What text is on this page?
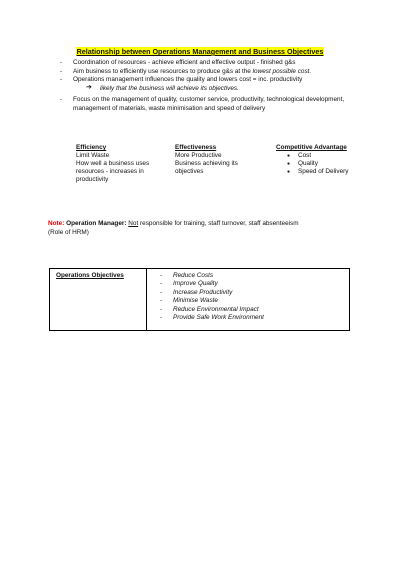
Relationship between Operations Management and Business Objectives
- Coordination of resources - achieve efficient and effective output - finished g&s
- Aim business to efficiently use resources to produce g&s at the lowest possible cost.
- Operations management influences the quality and lowers cost = inc. productivity
➔ likely that the business will achieve its objectives.
- Focus on the management of quality, customer service, productivity, technological development, management of materials, waste minimisation and speed of delivery
Efficiency
Limit Waste
How well a business uses resources - increases in productivity
Effectiveness
More Productive
Business achieving its objectives
Competitive Advantage
● Cost
● Quality
● Speed of Delivery
Note: Operation Manager: Not responsible for training, staff turnover, staff absenteeism
(Role of HRM)
Operations Objectives	- Reduce Costs
- Improve Quality
- Increase Productivity
- Minimise Waste
- Reduce Environmental Impact
- Provide Safe Work Environment
